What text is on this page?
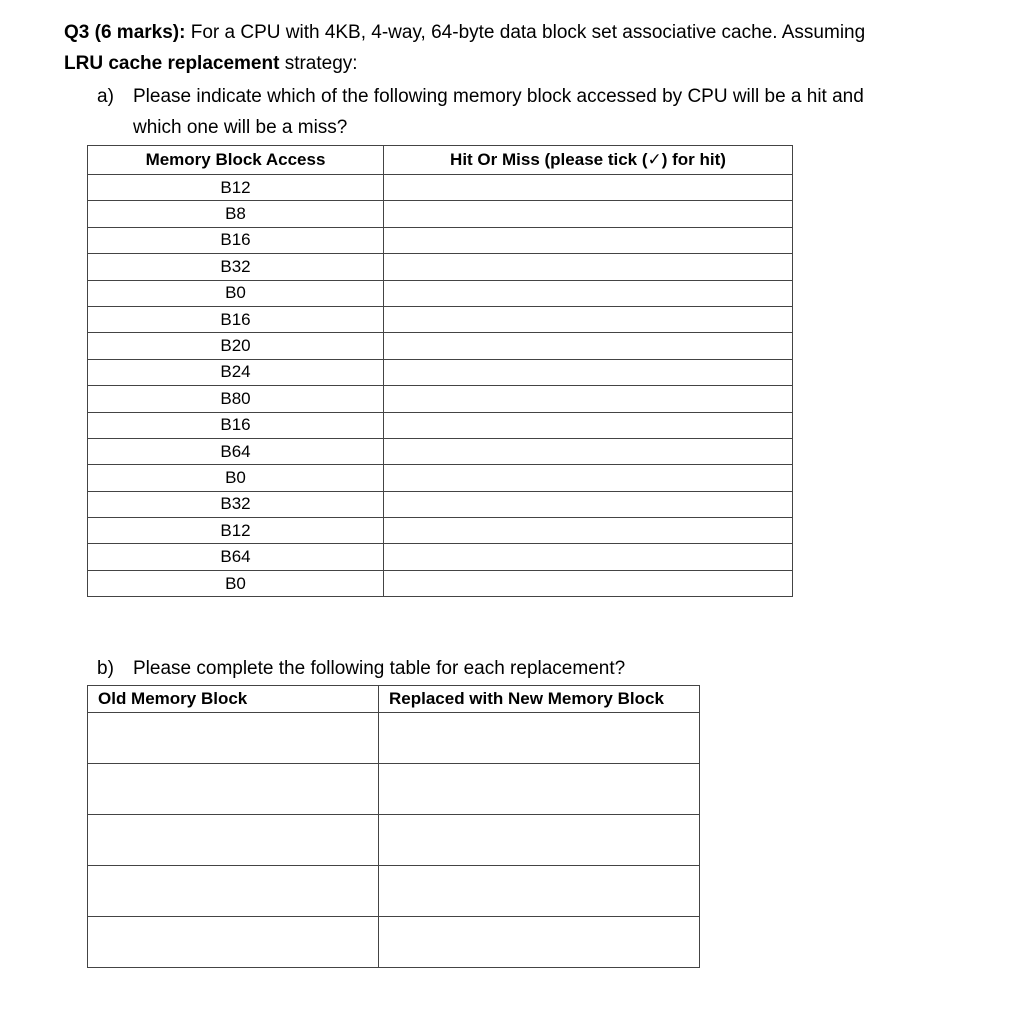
Q3 (6 marks): For a CPU with 4KB, 4-way, 64-byte data block set associative cache. Assuming
LRU cache replacement strategy:
a) Please indicate which of the following memory block accessed by CPU will be a hit and
which one will be a miss?
Memory Block Access	Hit Or Miss (please tick (✓) for hit)
B12	
B8	
B16	
B32	
B0	
B16	
B20	
B24	
B80	
B16	
B64	
B0	
B32	
B12	
B64	
B0	
b) Please complete the following table for each replacement?
Old Memory Block	Replaced with New Memory Block
